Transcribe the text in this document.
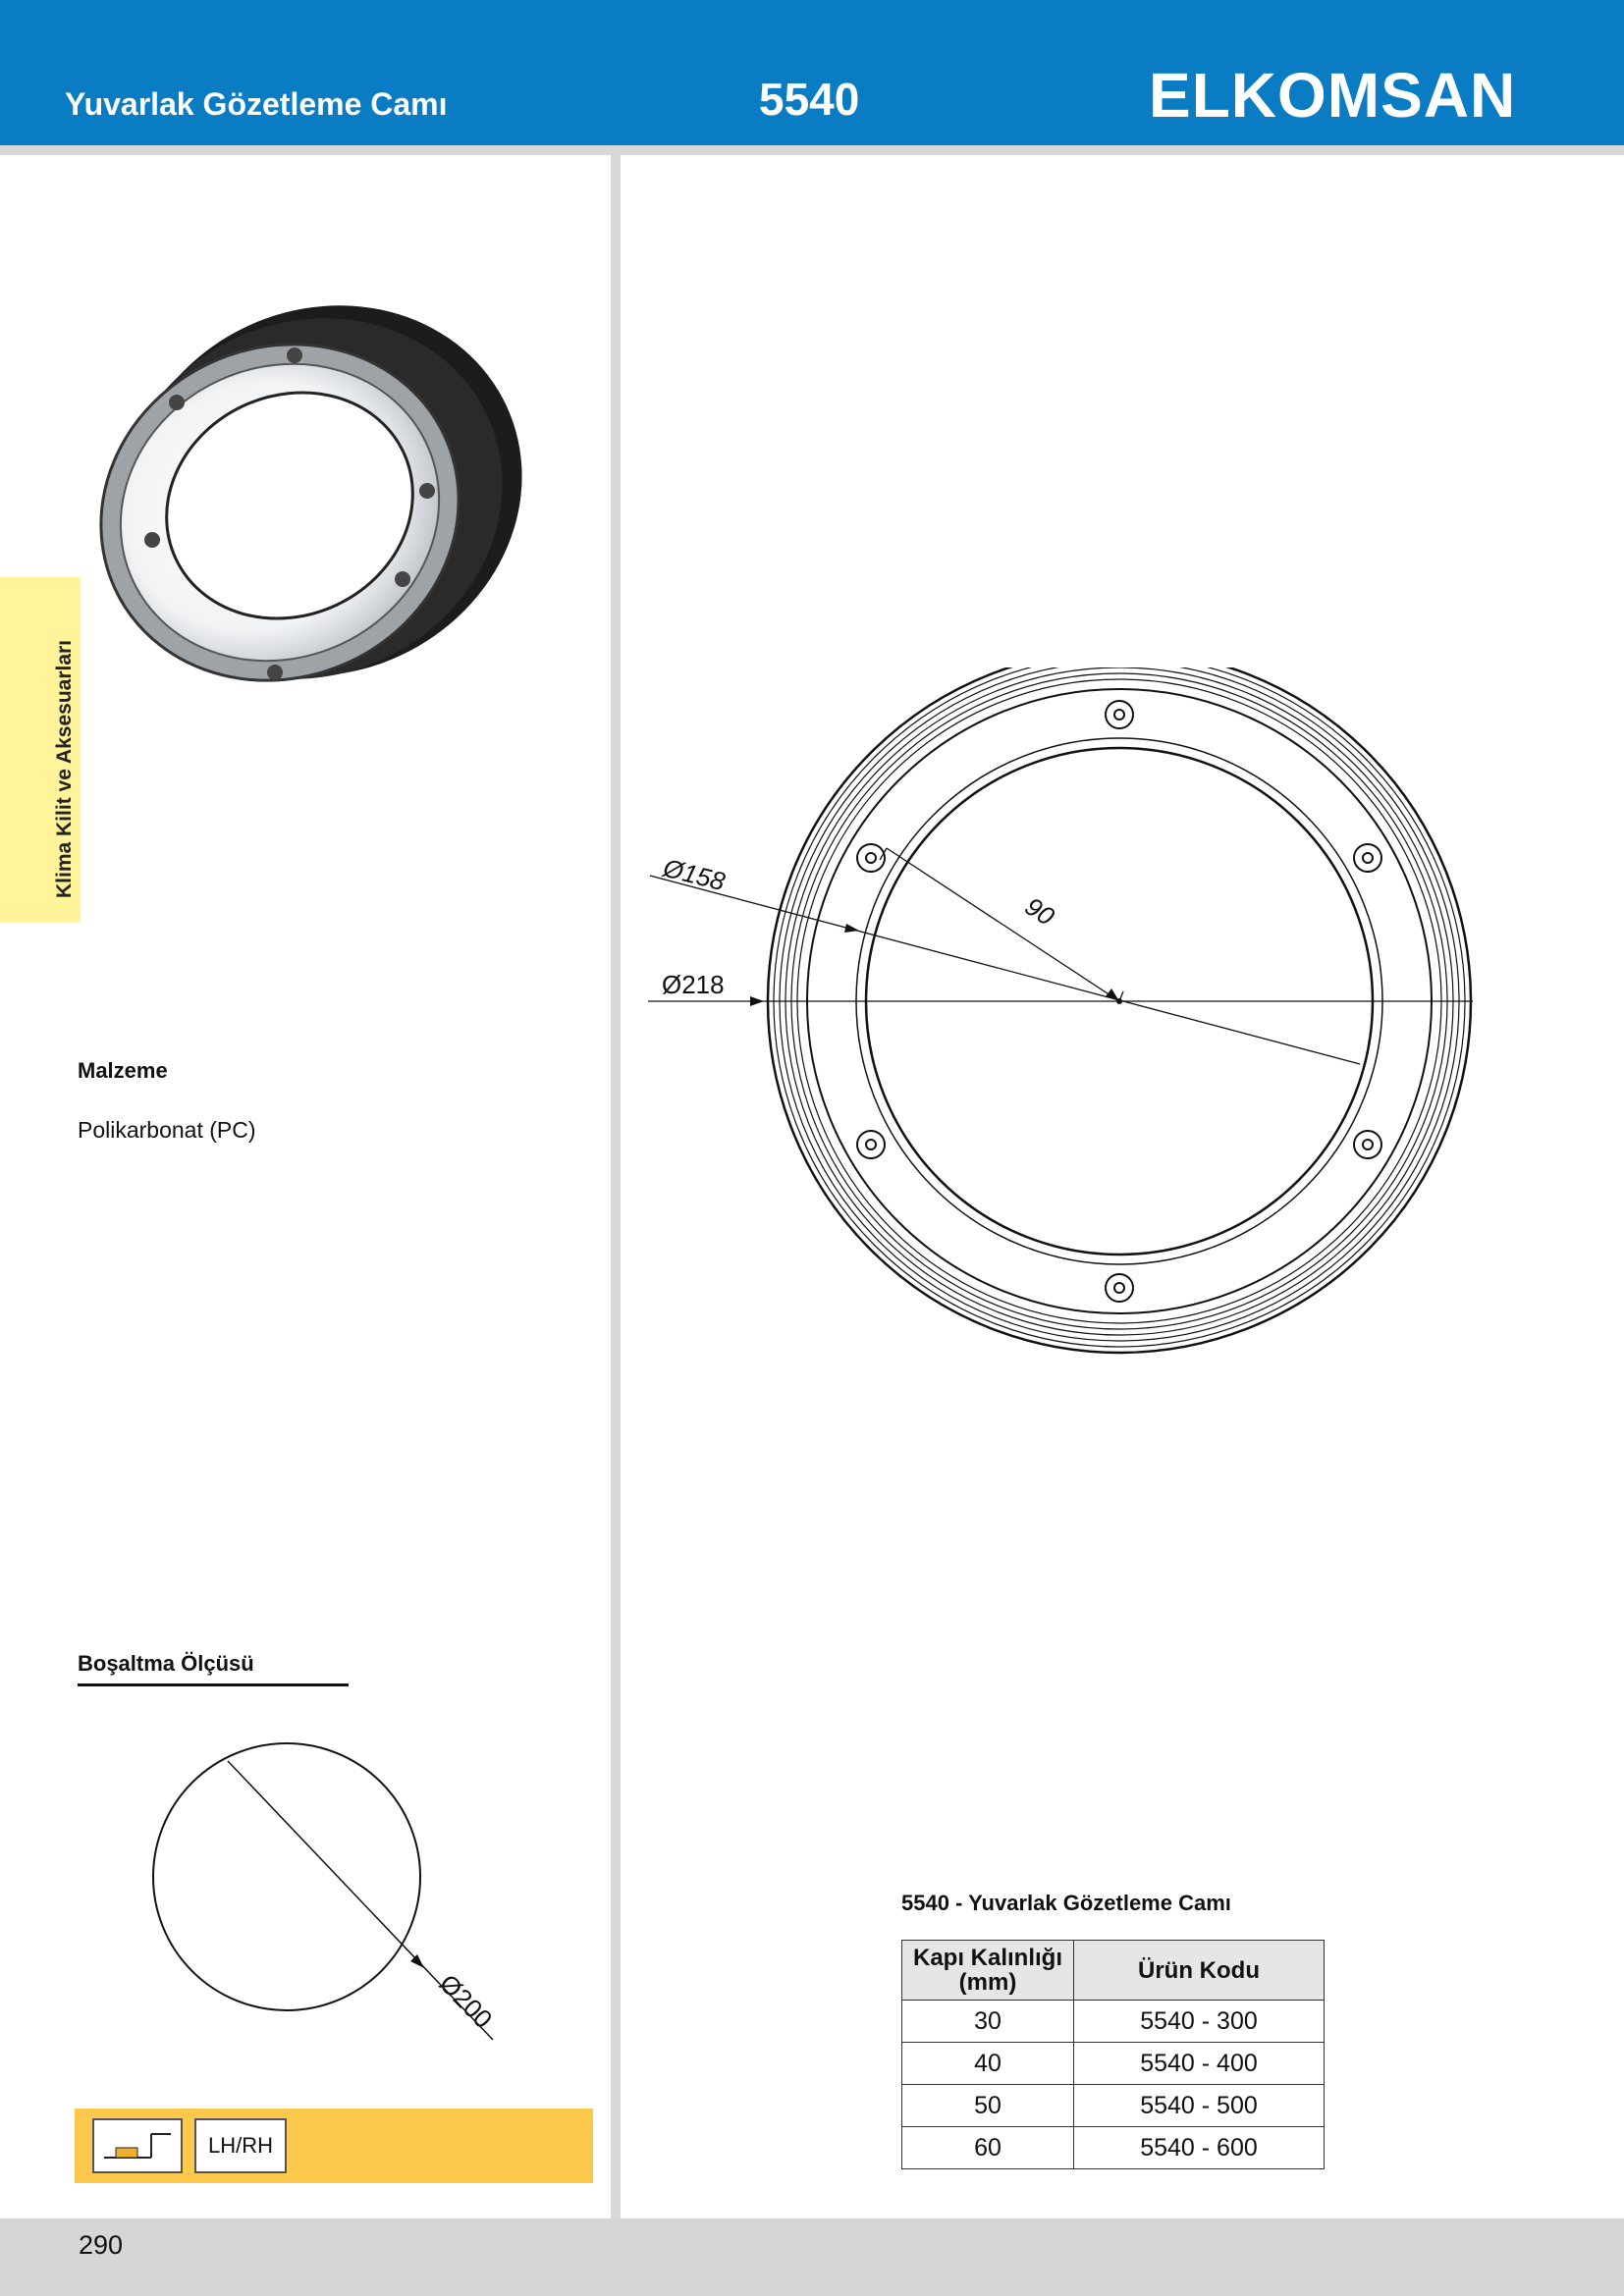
Yuvarlak Gözetleme Camı	5540	ELKOMSAN
Klima Kilit ve Aksesuarları
Malzeme
Polikarbonat (PC)
Boşaltma Ölçüsü
Ø200
LH/RH
Ø218
Ø158
90
5540 - Yuvarlak Gözetleme Camı
Kapı Kalınlığı
(mm)	Ürün Kodu
30	5540 - 300
40	5540 - 400
50	5540 - 500
60	5540 - 600
290
